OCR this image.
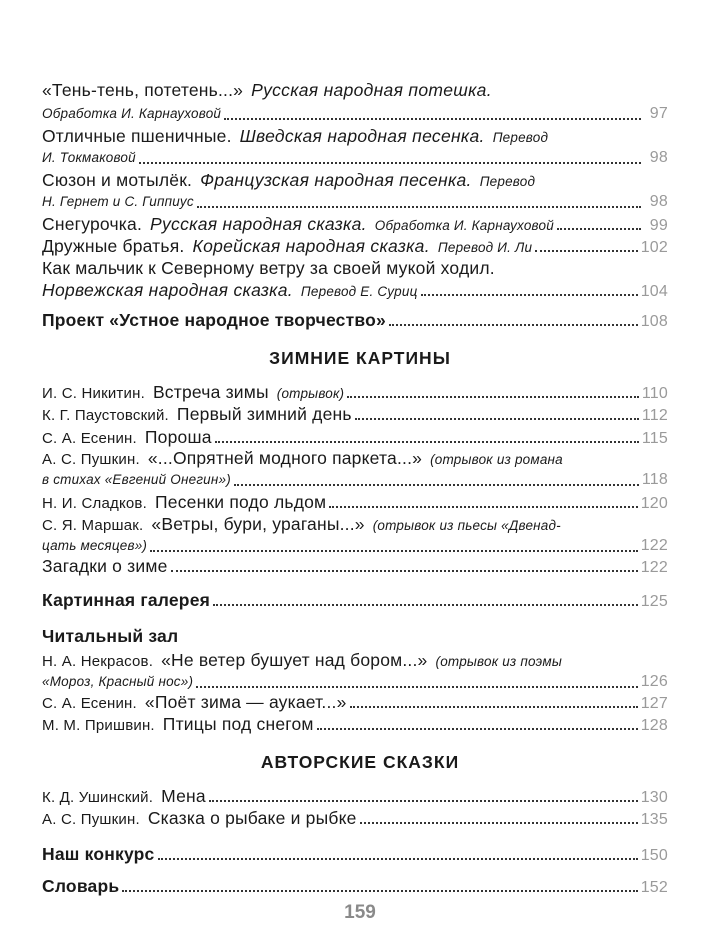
«Тень-тень, потетень...» Русская народная потешка.
Обработка И. Карнауховой	97
Отличные пшеничные. Шведская народная песенка. Перевод
И. Токмаковой	98
Сюзон и мотылёк. Французская народная песенка. Перевод
Н. Гернет и С. Гиппиус	98
Снегурочка. Русская народная сказка. Обработка И. Карнауховой	99
Дружные братья. Корейская народная сказка. Перевод И. Ли	102
Как мальчик к Северному ветру за своей мукой ходил.
Норвежская народная сказка. Перевод Е. Суриц	104
Проект «Устное народное творчество»	108
ЗИМНИЕ КАРТИНЫ
И. С. Никитин. Встреча зимы (отрывок)	110
К. Г. Паустовский. Первый зимний день	112
С. А. Есенин. Пороша	115
А. С. Пушкин. «...Опрятней модного паркета...» (отрывок из романа
в стихах «Евгений Онегин»)	118
Н. И. Сладков. Песенки подо льдом	120
С. Я. Маршак. «Ветры, бури, ураганы...» (отрывок из пьесы «Двенад-
цать месяцев»)	122
Загадки о зиме	122
Картинная галерея	125
Читальный зал
Н. А. Некрасов. «Не ветер бушует над бором...» (отрывок из поэмы
«Мороз, Красный нос»)	126
С. А. Есенин. «Поёт зима — аукает...»	127
М. М. Пришвин. Птицы под снегом	128
АВТОРСКИЕ СКАЗКИ
К. Д. Ушинский. Мена	130
А. С. Пушкин. Сказка о рыбаке и рыбке	135
Наш конкурс	150
Словарь	152
159
